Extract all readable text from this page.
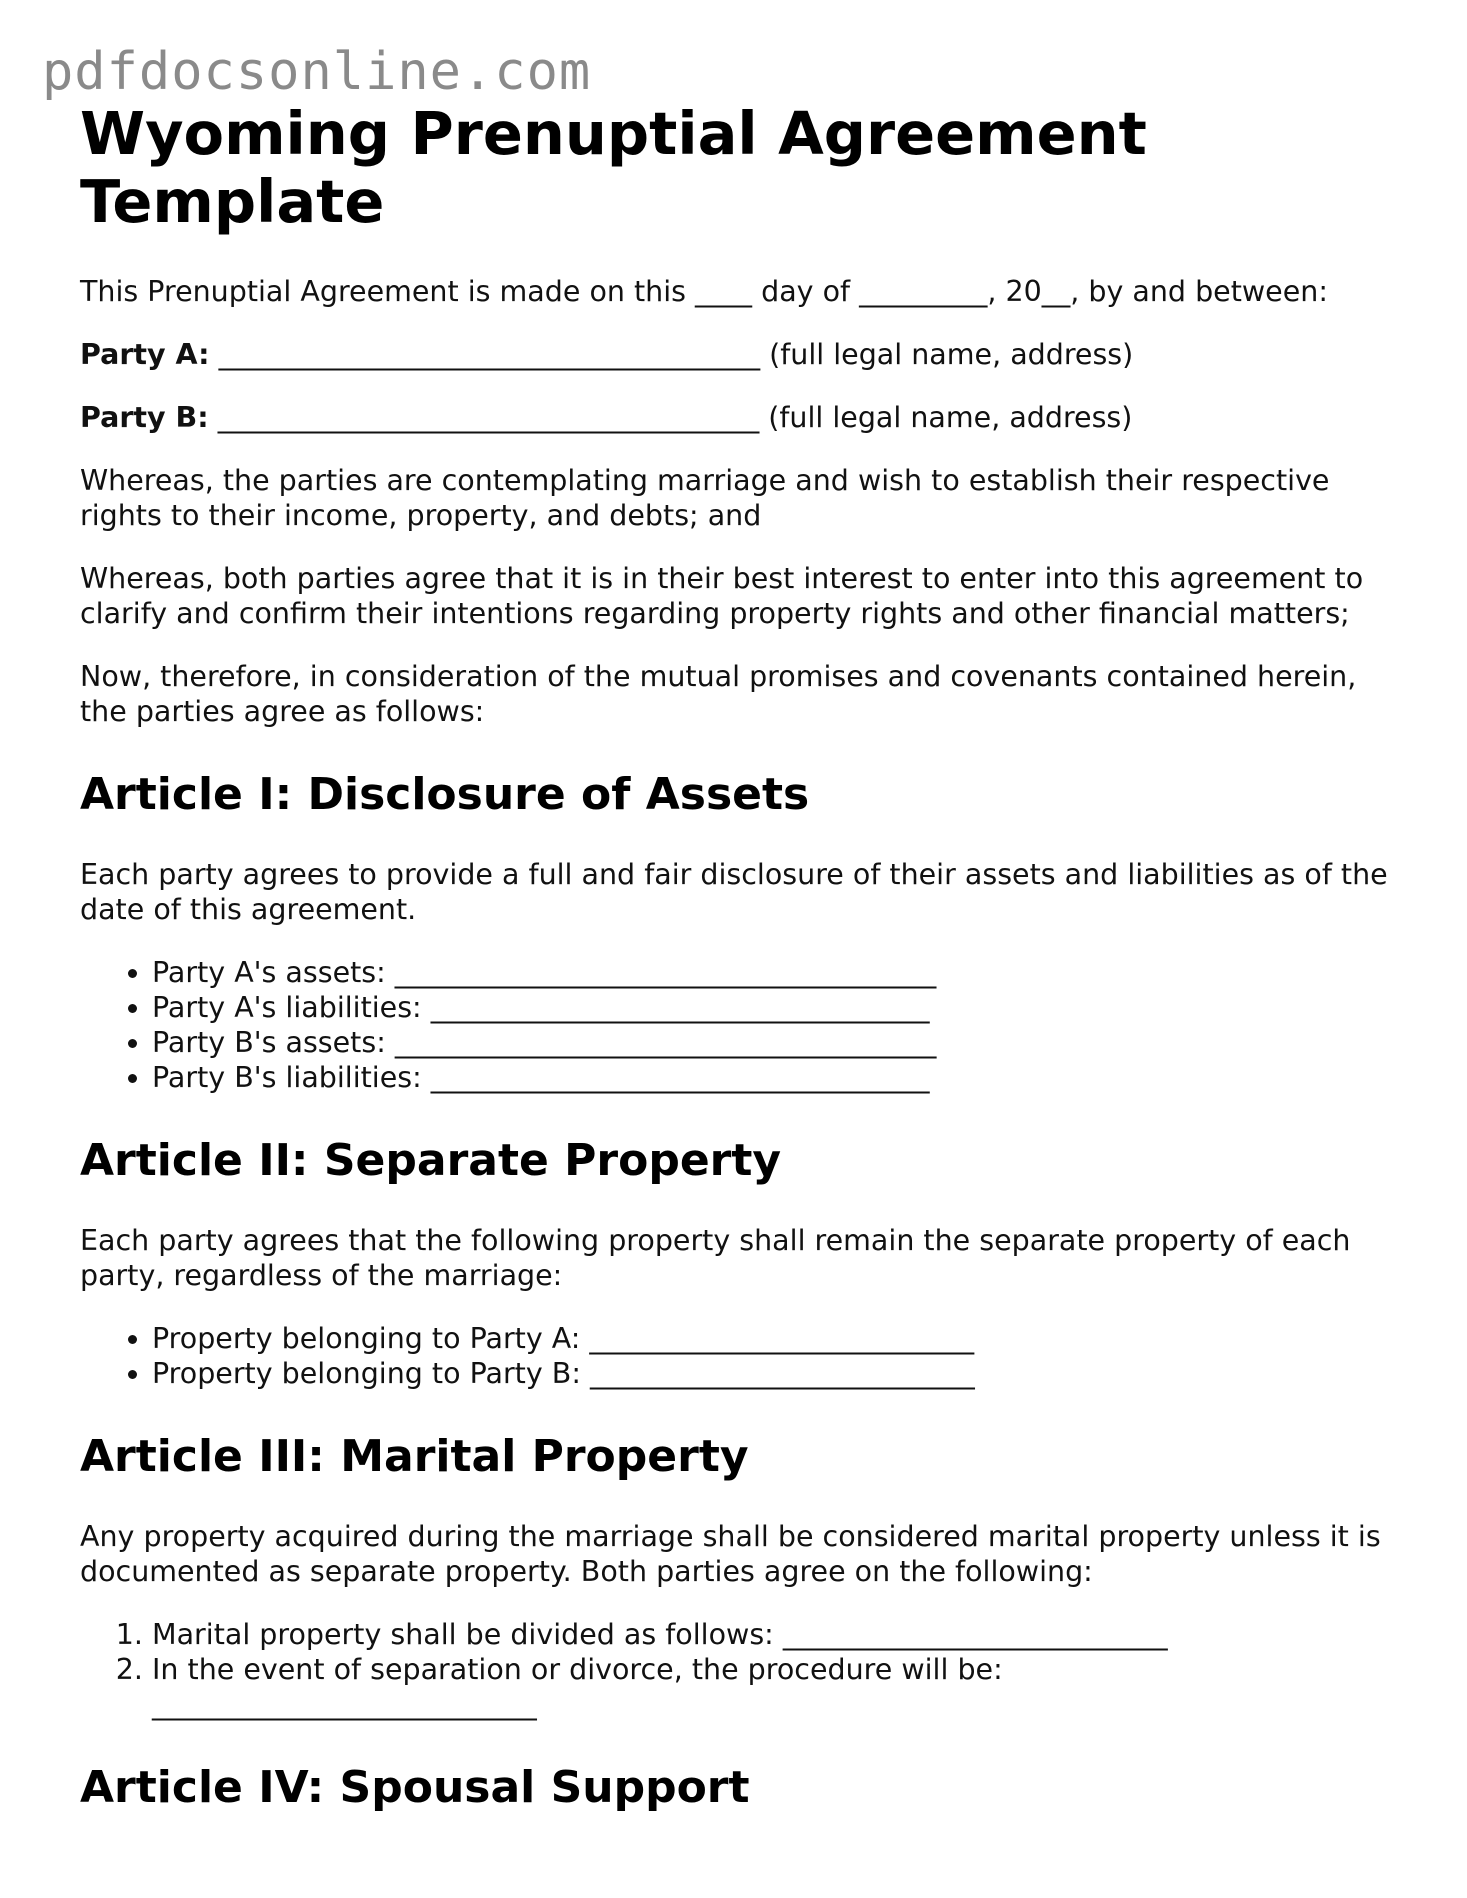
pdfdocsonline.com
Wyoming Prenuptial Agreement Template

This Prenuptial Agreement is made on this ____ day of _________, 20__, by and between:

Party A: ______________________________________ (full legal name, address)

Party B: ______________________________________ (full legal name, address)

Whereas, the parties are contemplating marriage and wish to establish their respective rights to their income, property, and debts; and

Whereas, both parties agree that it is in their best interest to enter into this agreement to clarify and confirm their intentions regarding property rights and other financial matters;

Now, therefore, in consideration of the mutual promises and covenants contained herein, the parties agree as follows:

Article I: Disclosure of Assets

Each party agrees to provide a full and fair disclosure of their assets and liabilities as of the date of this agreement.

• Party A's assets: ______________________________________
• Party A's liabilities: ___________________________________
• Party B's assets: ______________________________________
• Party B's liabilities: ___________________________________
Article II: Separate Property

Each party agrees that the following property shall remain the separate property of each party, regardless of the marriage:

• Property belonging to Party A: ___________________________
• Property belonging to Party B: ___________________________
Article III: Marital Property

Any property acquired during the marriage shall be considered marital property unless it is documented as separate property. Both parties agree on the following:

1. Marital property shall be divided as follows: ___________________________
2. In the event of separation or divorce, the procedure will be: ___________________________
Article IV: Spousal Support
